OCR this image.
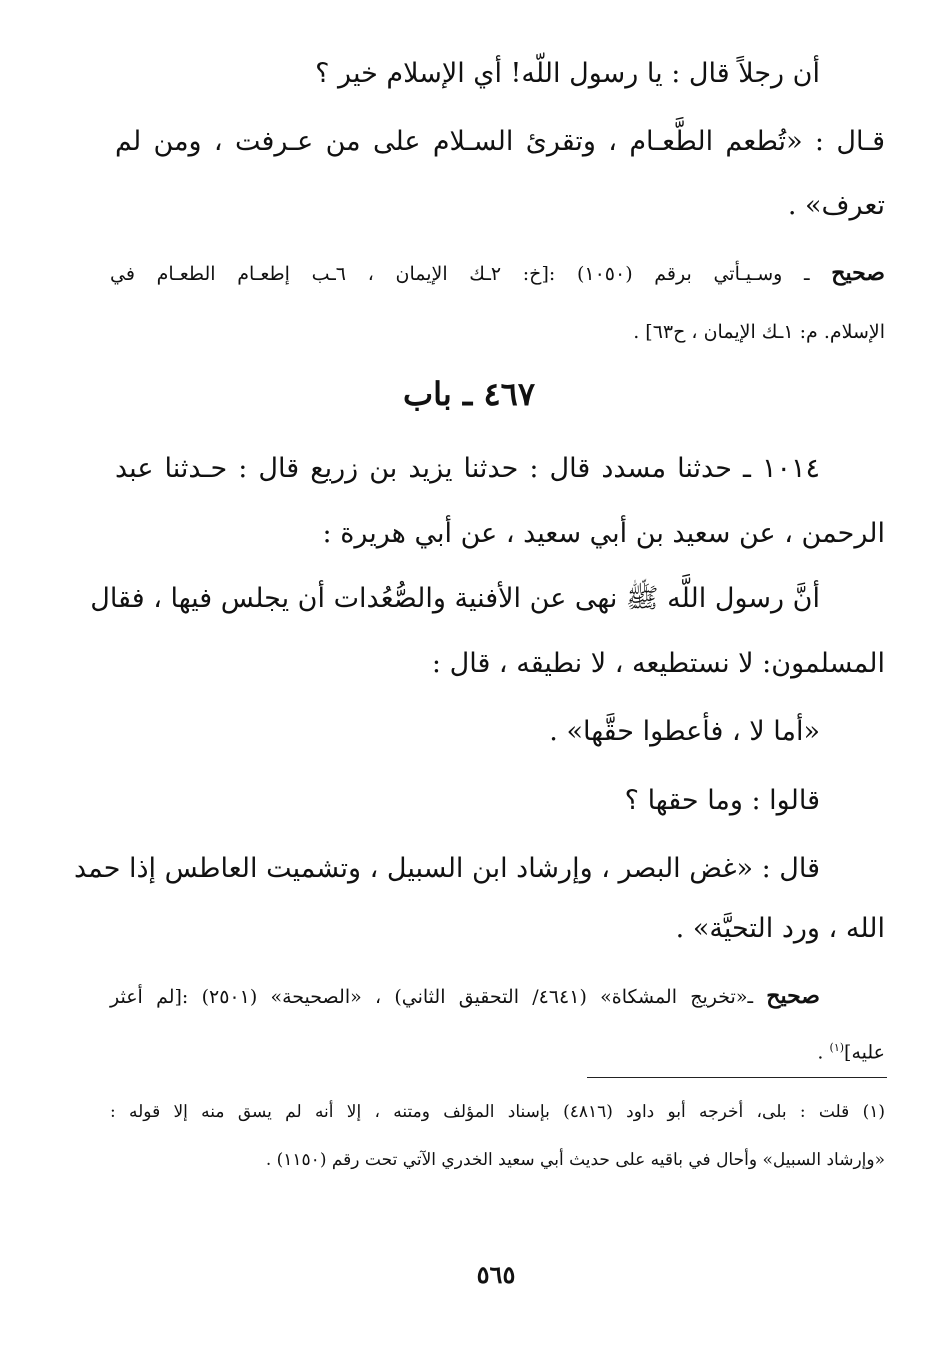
أن رجلاً قال : يا رسول اللّه! أي الإسلام خير ؟
قـال : «تُطعم الطَّعـام ، وتقرئ السـلام على من عـرفت ، ومن لم
تعرف» .
صحيح ـ وسـيـأتي برقم (١٠٥٠) :[خ: ٢ـك الإيمان ، ٦ـب إطعـام الطعـام في
الإسلام. م: ١ـك الإيمان ، ح٦٣] .
٤٦٧ ـ باب
١٠١٤ ـ حدثنا مسدد قال : حدثنا يزيد بن زريع قال : حـدثنا عبد
الرحمن ، عن سعيد بن أبي سعيد ، عن أبي هريرة :
أنَّ رسول اللَّه ﷺ نهى عن الأفنية والصُّعُدات أن يجلس فيها ، فقال
المسلمون: لا نستطيعه ، لا نطيقه ، قال :
«أما لا ، فأعطوا حقَّها» .
قالوا : وما حقها ؟
قال : «غض البصر ، وإرشاد ابن السبيل ، وتشميت العاطس إذا حمد
الله ، ورد التحيَّة» .
صحيح ـ«تخريج المشكاة» (٤٦٤١/ التحقيق الثاني) ، «الصحيحة» (٢٥٠١) :[لم أعثر
عليه]$^{(١)}$ .
(١) قلت : بلى، أخرجه أبو داود (٤٨١٦) بإسناد المؤلف ومتنه ، إلا أنه لم يسق منه إلا قوله :
«وإرشاد السبيل» وأحال في باقيه على حديث أبي سعيد الخدري الآتي تحت رقم (١١٥٠) .
٥٦٥
